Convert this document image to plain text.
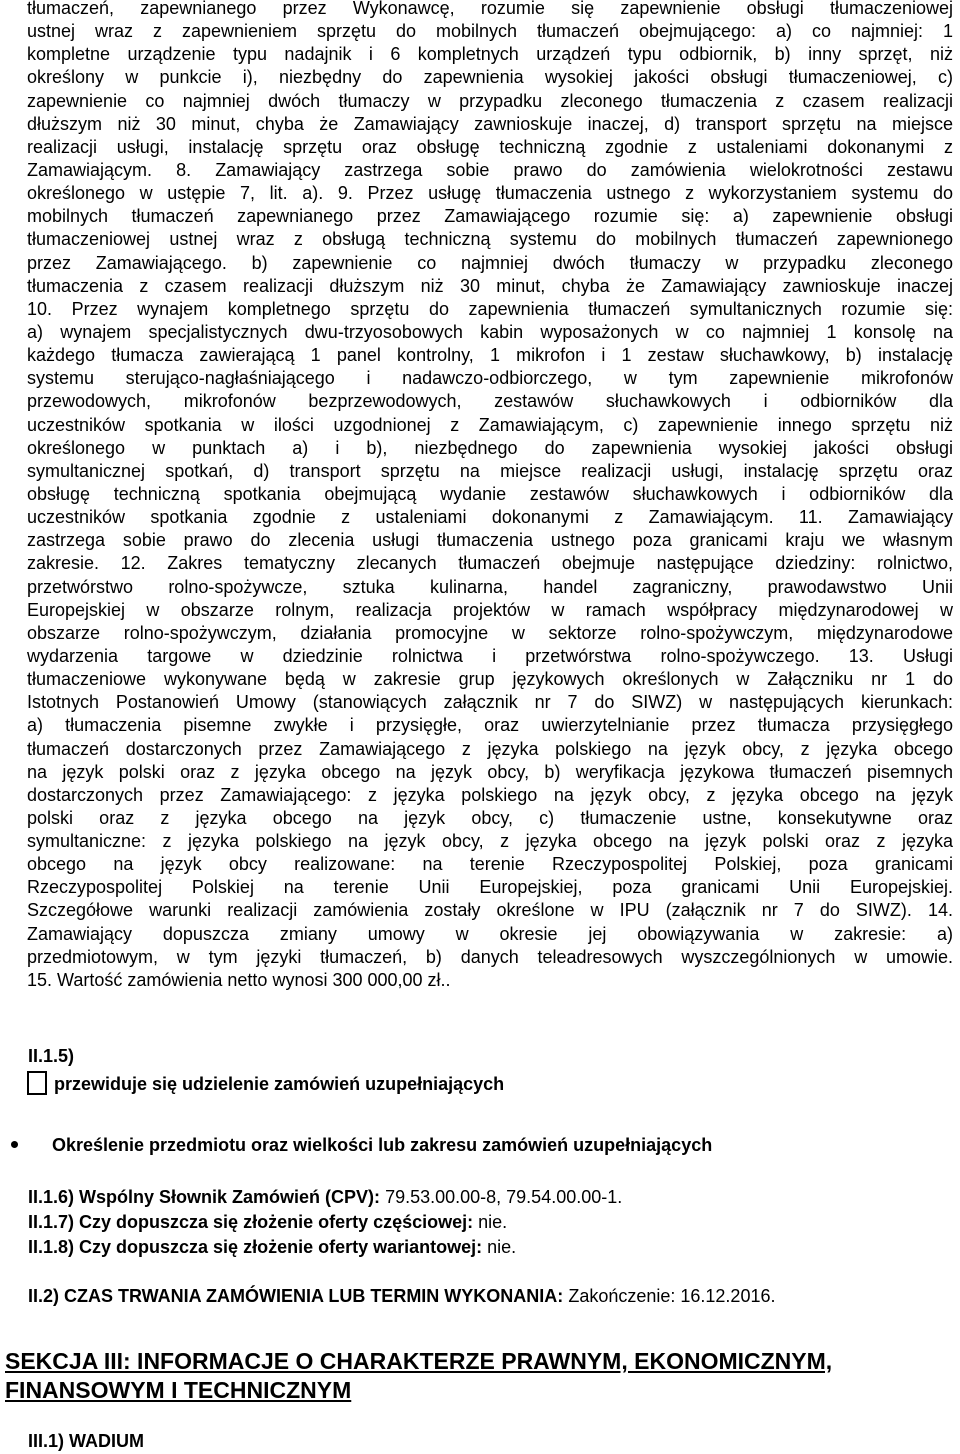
tłumaczeń, zapewnianego przez Wykonawcę, rozumie się zapewnienie obsługi tłumaczeniowej
ustnej wraz z zapewnieniem sprzętu do mobilnych tłumaczeń obejmującego: a) co najmniej: 1
kompletne urządzenie typu nadajnik i 6 kompletnych urządzeń typu odbiornik, b) inny sprzęt, niż
określony w punkcie i), niezbędny do zapewnienia wysokiej jakości obsługi tłumaczeniowej, c)
zapewnienie co najmniej dwóch tłumaczy w przypadku zleconego tłumaczenia z czasem realizacji
dłuższym niż 30 minut, chyba że Zamawiający zawnioskuje inaczej, d) transport sprzętu na miejsce
realizacji usługi, instalację sprzętu oraz obsługę techniczną zgodnie z ustaleniami dokonanymi z
Zamawiającym. 8. Zamawiający zastrzega sobie prawo do zamówienia wielokrotności zestawu
określonego w ustępie 7, lit. a). 9. Przez usługę tłumaczenia ustnego z wykorzystaniem systemu do
mobilnych tłumaczeń zapewnianego przez Zamawiającego rozumie się: a) zapewnienie obsługi
tłumaczeniowej ustnej wraz z obsługą techniczną systemu do mobilnych tłumaczeń zapewnionego
przez Zamawiającego. b) zapewnienie co najmniej dwóch tłumaczy w przypadku zleconego
tłumaczenia z czasem realizacji dłuższym niż 30 minut, chyba że Zamawiający zawnioskuje inaczej
10. Przez wynajem kompletnego sprzętu do zapewnienia tłumaczeń symultanicznych rozumie się:
a) wynajem specjalistycznych dwu-trzyosobowych kabin wyposażonych w co najmniej 1 konsolę na
każdego tłumacza zawierającą 1 panel kontrolny, 1 mikrofon i 1 zestaw słuchawkowy, b) instalację
systemu sterująco-nagłaśniającego i nadawczo-odbiorczego, w tym zapewnienie mikrofonów
przewodowych, mikrofonów bezprzewodowych, zestawów słuchawkowych i odbiorników dla
uczestników spotkania w ilości uzgodnionej z Zamawiającym, c) zapewnienie innego sprzętu niż
określonego w punktach a) i b), niezbędnego do zapewnienia wysokiej jakości obsługi
symultanicznej spotkań, d) transport sprzętu na miejsce realizacji usługi, instalację sprzętu oraz
obsługę techniczną spotkania obejmującą wydanie zestawów słuchawkowych i odbiorników dla
uczestników spotkania zgodnie z ustaleniami dokonanymi z Zamawiającym. 11. Zamawiający
zastrzega sobie prawo do zlecenia usługi tłumaczenia ustnego poza granicami kraju we własnym
zakresie. 12. Zakres tematyczny zlecanych tłumaczeń obejmuje następujące dziedziny: rolnictwo,
przetwórstwo rolno-spożywcze, sztuka kulinarna, handel zagraniczny, prawodawstwo Unii
Europejskiej w obszarze rolnym, realizacja projektów w ramach współpracy międzynarodowej w
obszarze rolno-spożywczym, działania promocyjne w sektorze rolno-spożywczym, międzynarodowe
wydarzenia targowe w dziedzinie rolnictwa i przetwórstwa rolno-spożywczego. 13. Usługi
tłumaczeniowe wykonywane będą w zakresie grup językowych określonych w Załączniku nr 1 do
Istotnych Postanowień Umowy (stanowiących załącznik nr 7 do SIWZ) w następujących kierunkach:
a) tłumaczenia pisemne zwykłe i przysięgłe, oraz uwierzytelnianie przez tłumacza przysięgłego
tłumaczeń dostarczonych przez Zamawiającego z języka polskiego na język obcy, z języka obcego
na język polski oraz z języka obcego na język obcy, b) weryfikacja językowa tłumaczeń pisemnych
dostarczonych przez Zamawiającego: z języka polskiego na język obcy, z języka obcego na język
polski oraz z języka obcego na język obcy, c) tłumaczenie ustne, konsekutywne oraz
symultaniczne: z języka polskiego na język obcy, z języka obcego na język polski oraz z języka
obcego na język obcy realizowane: na terenie Rzeczypospolitej Polskiej, poza granicami
Rzeczypospolitej Polskiej na terenie Unii Europejskiej, poza granicami Unii Europejskiej.
Szczegółowe warunki realizacji zamówienia zostały określone w IPU (załącznik nr 7 do SIWZ). 14.
Zamawiający dopuszcza zmiany umowy w okresie jej obowiązywania w zakresie: a)
przedmiotowym, w tym języki tłumaczeń, b) danych teleadresowych wyszczególnionych w umowie.
15. Wartość zamówienia netto wynosi 300 000,00 zł..
II.1.5)
przewiduje się udzielenie zamówień uzupełniających
Określenie przedmiotu oraz wielkości lub zakresu zamówień uzupełniających
II.1.6) Wspólny Słownik Zamówień (CPV): 79.53.00.00-8, 79.54.00.00-1.
II.1.7) Czy dopuszcza się złożenie oferty częściowej: nie.
II.1.8) Czy dopuszcza się złożenie oferty wariantowej: nie.
II.2) CZAS TRWANIA ZAMÓWIENIA LUB TERMIN WYKONANIA: Zakończenie: 16.12.2016.
SEKCJA III: INFORMACJE O CHARAKTERZE PRAWNYM, EKONOMICZNYM,
FINANSOWYM I TECHNICZNYM
III.1) WADIUM
